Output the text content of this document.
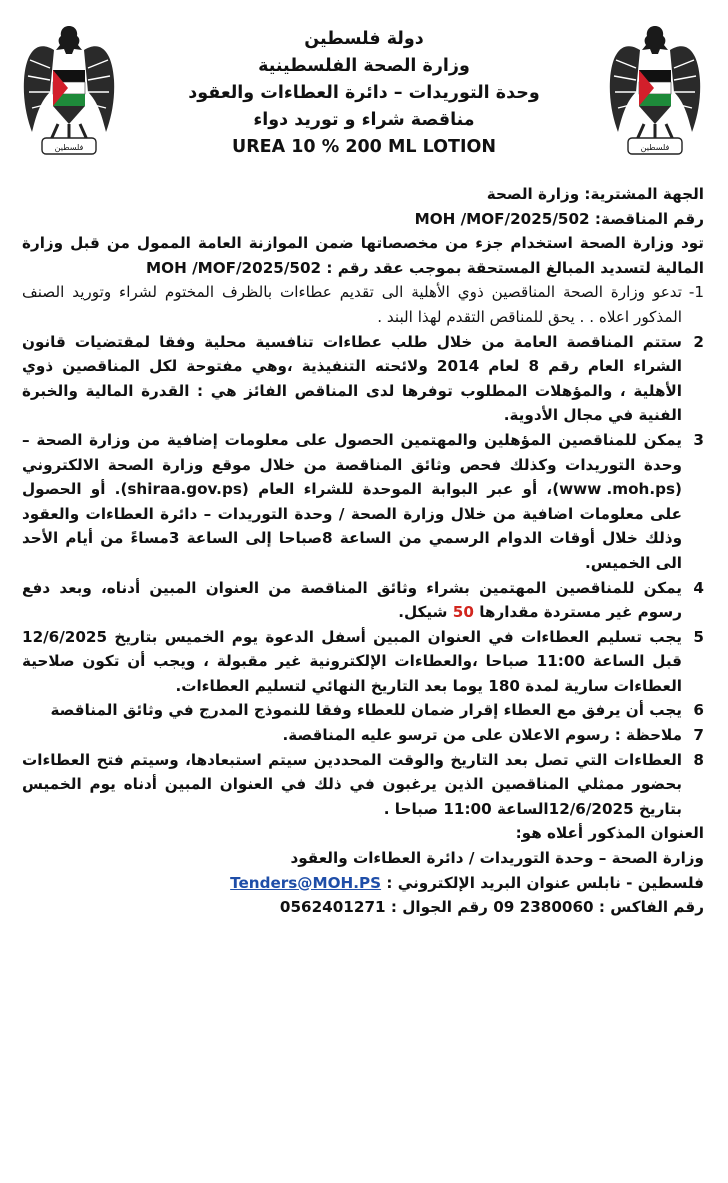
فلسطين	فلسطين
دولة فلسطين
وزارة الصحة الفلسطينية
وحدة التوريدات – دائرة العطاءات والعقود
مناقصة شراء و توريد دواء
UREA 10 % 200 ML LOTION

الجهة المشترية: وزارة الصحة

رقم المناقصة: MOH /MOF/2025/502

تود وزارة الصحة استخدام جزء من مخصصاتها ضمن الموازنة العامة الممول من قبل وزارة المالية لتسديد المبالغ المستحقة بموجب عقد رقم : MOH /MOF/2025/502

1-
تدعو وزارة الصحة المناقصين ذوي الأهلية الى تقديم عطاءات بالظرف المختوم لشراء وتوريد الصنف المذكور اعلاه . . يحق للمناقص التقدم لهذا البند .
2
ستتم المناقصة العامة من خلال طلب عطاءات تنافسية محلية وفقا لمقتضيات قانون الشراء العام رقم 8 لعام 2014 ولائحته التنفيذية ،وهي مفتوحة لكل المناقصين ذوي الأهلية ، والمؤهلات المطلوب توفرها لدى المناقص الفائز هي : القدرة المالية والخبرة الفنية في مجال الأدوية.
3
يمكن للمناقصين المؤهلين والمهتمين الحصول على معلومات إضافية من وزارة الصحة – وحدة التوريدات وكذلك فحص وثائق المناقصة من خلال موقع وزارة الصحة الالكتروني (www .moh.ps)، أو عبر البوابة الموحدة للشراء العام (shiraa.gov.ps). أو الحصول على معلومات اضافية من خلال وزارة الصحة / وحدة التوريدات – دائرة العطاءات والعقود وذلك خلال أوقات الدوام الرسمي من الساعة 8صباحا إلى الساعة 3مساءً من أيام الأحد الى الخميس.
4
يمكن للمناقصين المهتمين بشراء وثائق المناقصة من العنوان المبين أدناه، وبعد دفع رسوم غير مستردة مقدارها 50 شيكل.
5
يجب تسليم العطاءات في العنوان المبين أسفل الدعوة يوم الخميس بتاريخ 12/6/2025 قبل الساعة 11:00 صباحا ،والعطاءات الإلكترونية غير مقبولة ، ويجب أن تكون صلاحية العطاءات سارية لمدة 180 يوما بعد التاريخ النهائي لتسليم العطاءات.
6
يجب أن يرفق مع العطاء إقرار ضمان للعطاء وفقا للنموذج المدرج في وثائق المناقصة
7
ملاحظة : رسوم الاعلان على من ترسو عليه المناقصة.
8
العطاءات التي تصل بعد التاريخ والوقت المحددين سيتم استبعادها، وسيتم فتح العطاءات بحضور ممثلي المناقصين الذين يرغبون في ذلك في العنوان المبين أدناه يوم الخميس بتاريخ 12/6/2025الساعة 11:00 صباحا .
العنوان المذكور أعلاه هو:
وزارة الصحة – وحدة التوريدات / دائرة العطاءات والعقود
فلسطين - نابلس عنوان البريد الإلكتروني : Tenders@MOH.PS
رقم الفاكس : 09 2380060 رقم الجوال : 0562401271
